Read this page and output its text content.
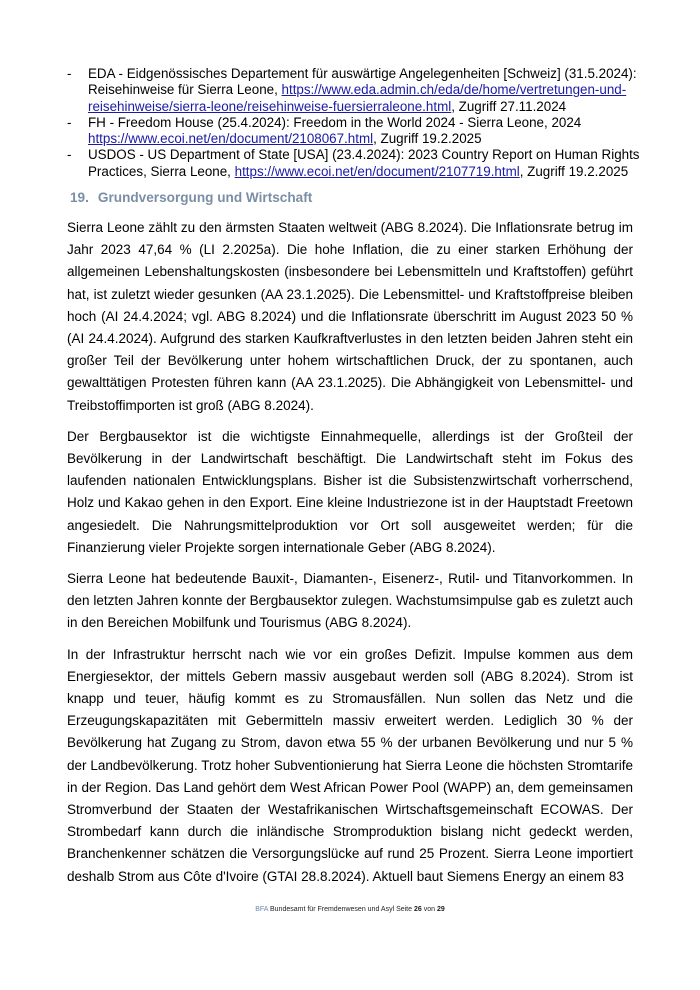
- EDA - Eidgenössisches Departement für auswärtige Angelegenheiten [Schweiz] (31.5.2024): Reisehinweise für Sierra Leone, https://www.eda.admin.ch/eda/de/home/vertretungen-und-reisehinweise/sierra-leone/reisehinweise-fuersierraleone.html, Zugriff 27.11.2024
- FH - Freedom House (25.4.2024): Freedom in the World 2024 - Sierra Leone, 2024 https://www.ecoi.net/en/document/2108067.html, Zugriff 19.2.2025
- USDOS - US Department of State [USA] (23.4.2024): 2023 Country Report on Human Rights Practices, Sierra Leone, https://www.ecoi.net/en/document/2107719.html, Zugriff 19.2.2025
19. Grundversorgung und Wirtschaft

Sierra Leone zählt zu den ärmsten Staaten weltweit (ABG 8.2024). Die Inflationsrate betrug im Jahr 2023 47,64 % (LI 2.2025a). Die hohe Inflation, die zu einer starken Erhöhung der allgemeinen Lebenshaltungskosten (insbesondere bei Lebensmitteln und Kraftstoffen) geführt hat, ist zuletzt wieder gesunken (AA 23.1.2025). Die Lebensmittel- und Kraftstoffpreise bleiben hoch (AI 24.4.2024; vgl. ABG 8.2024) und die Inflationsrate überschritt im August 2023 50 % (AI 24.4.2024). Aufgrund des starken Kaufkraftverlustes in den letzten beiden Jahren steht ein großer Teil der Bevölkerung unter hohem wirtschaftlichen Druck, der zu spontanen, auch gewalttätigen Protesten führen kann (AA 23.1.2025). Die Abhängigkeit von Lebensmittel- und Treibstoffimporten ist groß (ABG 8.2024).

Der Bergbausektor ist die wichtigste Einnahmequelle, allerdings ist der Großteil der Bevölkerung in der Landwirtschaft beschäftigt. Die Landwirtschaft steht im Fokus des laufenden nationalen Entwicklungsplans. Bisher ist die Subsistenzwirtschaft vorherrschend, Holz und Kakao gehen in den Export. Eine kleine Industriezone ist in der Hauptstadt Freetown angesiedelt. Die Nahrungsmittelproduktion vor Ort soll ausgeweitet werden; für die Finanzierung vieler Projekte sorgen internationale Geber (ABG 8.2024).

Sierra Leone hat bedeutende Bauxit-, Diamanten-, Eisenerz-, Rutil- und Titanvorkommen. In den letzten Jahren konnte der Bergbausektor zulegen. Wachstumsimpulse gab es zuletzt auch in den Bereichen Mobilfunk und Tourismus (ABG 8.2024).

In der Infrastruktur herrscht nach wie vor ein großes Defizit. Impulse kommen aus dem Energiesektor, der mittels Gebern massiv ausgebaut werden soll (ABG 8.2024). Strom ist knapp und teuer, häufig kommt es zu Stromausfällen. Nun sollen das Netz und die Erzeugungskapazitäten mit Gebermitteln massiv erweitert werden. Lediglich 30 % der Bevölkerung hat Zugang zu Strom, davon etwa 55 % der urbanen Bevölkerung und nur 5 % der Landbevölkerung. Trotz hoher Subventionierung hat Sierra Leone die höchsten Stromtarife in der Region. Das Land gehört dem West African Power Pool (WAPP) an, dem gemeinsamen Stromverbund der Staaten der Westafrikanischen Wirtschaftsgemeinschaft ECOWAS. Der Strombedarf kann durch die inländische Stromproduktion bislang nicht gedeckt werden, Branchenkenner schätzen die Versorgungslücke auf rund 25 Prozent. Sierra Leone importiert deshalb Strom aus Côte d'Ivoire (GTAI 28.8.2024). Aktuell baut Siemens Energy an einem 83

BFA Bundesamt für Fremdenwesen und Asyl Seite 26 von 29
